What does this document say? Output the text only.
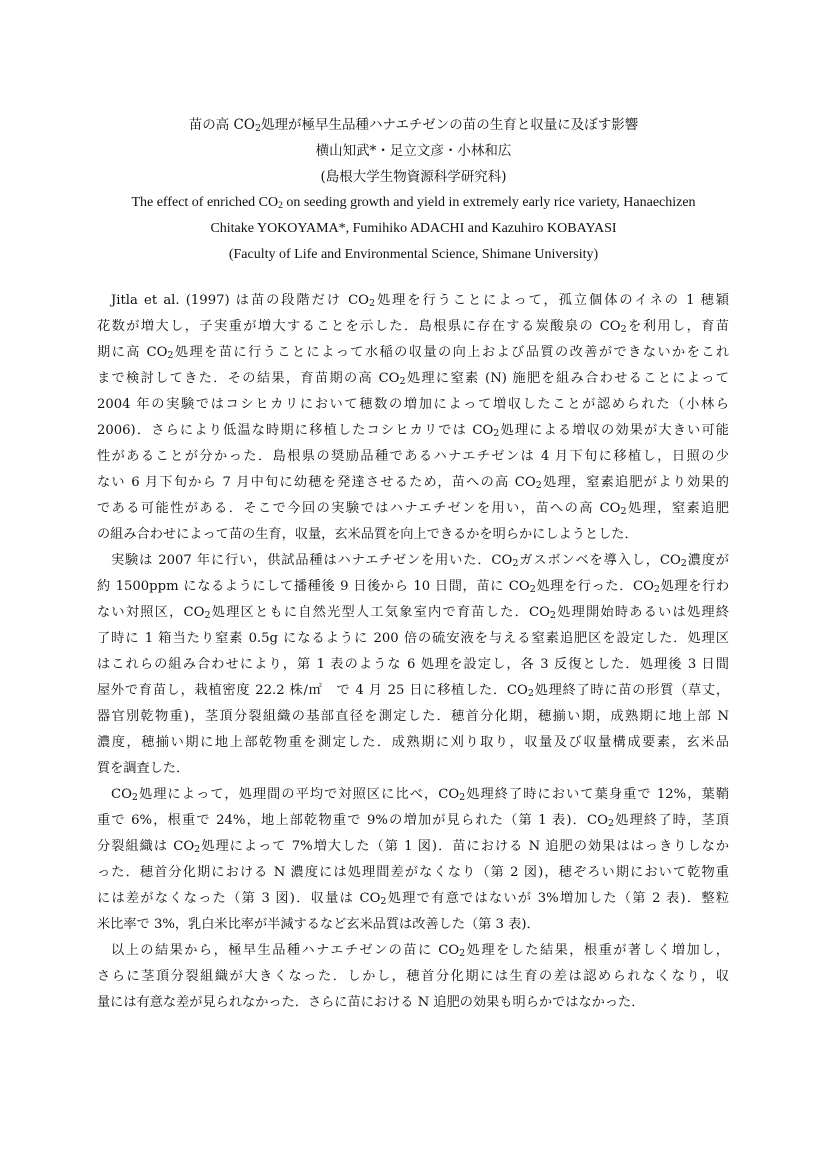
苗の高 $CO_2$処理が極早生品種ハナエチゼンの苗の生育と収量に及ぼす影響
横山知武*・足立文彦・小林和広
(島根大学生物資源科学研究科)
The effect of enriched $CO_2$ on seeding growth and yield in extremely early rice variety, Hanaechizen
Chitake YOKOYAMA*, Fumihiko ADACHI and Kazuhiro KOBAYASI
(Faculty of Life and Environmental Science, Shimane University)
Jitla et al. (1997) は苗の段階だけ $CO_2$処理を行うことによって，孤立個体のイネの 1 穂穎
花数が増大し，子実重が増大することを示した．島根県に存在する炭酸泉の $CO_2$を利用し，育苗
期に高 $CO_2$処理を苗に行うことによって水稲の収量の向上および品質の改善ができないかをこれ
まで検討してきた．その結果，育苗期の高 $CO_2$処理に窒素 (N) 施肥を組み合わせることによって
2004 年の実験ではコシヒカリにおいて穂数の増加によって増収したことが認められた（小林ら
2006)．さらにより低温な時期に移植したコシヒカリでは $CO_2$処理による増収の効果が大きい可能
性があることが分かった．島根県の奨励品種であるハナエチゼンは 4 月下旬に移植し，日照の少
ない 6 月下旬から 7 月中旬に幼穂を発達させるため，苗への高 $CO_2$処理，窒素追肥がより効果的
である可能性がある．そこで今回の実験ではハナエチゼンを用い，苗への高 $CO_2$処理，窒素追肥
の組み合わせによって苗の生育，収量，玄米品質を向上できるかを明らかにしようとした．
実験は 2007 年に行い，供試品種はハナエチゼンを用いた．$CO_2$ガスボンベを導入し，$CO_2$濃度が
約 1500ppm になるようにして播種後 9 日後から 10 日間，苗に $CO_2$処理を行った．$CO_2$処理を行わ
ない対照区，$CO_2$処理区ともに自然光型人工気象室内で育苗した．$CO_2$処理開始時あるいは処理終
了時に 1 箱当たり窒素 0.5g になるように 200 倍の硫安液を与える窒素追肥区を設定した．処理区
はこれらの組み合わせにより，第 1 表のような 6 処理を設定し，各 3 反復とした．処理後 3 日間
屋外で育苗し，栽植密度 22.2 株/㎡　で 4 月 25 日に移植した．$CO_2$処理終了時に苗の形質（草丈，
器官別乾物重)，茎頂分裂組織の基部直径を測定した．穂首分化期，穂揃い期，成熟期に地上部 N
濃度，穂揃い期に地上部乾物重を測定した．成熟期に刈り取り，収量及び収量構成要素，玄米品
質を調査した．
$CO_2$処理によって，処理間の平均で対照区に比べ，$CO_2$処理終了時において葉身重で 12%，葉鞘
重で 6%，根重で 24%，地上部乾物重で 9%の増加が見られた（第 1 表)．$CO_2$処理終了時，茎頂
分裂組織は $CO_2$処理によって 7%増大した（第 1 図)．苗における N 追肥の効果ははっきりしなか
った．穂首分化期における N 濃度には処理間差がなくなり（第 2 図)，穂ぞろい期において乾物重
には差がなくなった（第 3 図)．収量は $CO_2$処理で有意ではないが 3%増加した（第 2 表)．整粒
米比率で 3%，乳白米比率が半減するなど玄米品質は改善した（第 3 表)．
以上の結果から，極早生品種ハナエチゼンの苗に $CO_2$処理をした結果，根重が著しく増加し，
さらに茎頂分裂組織が大きくなった．しかし，穂首分化期には生育の差は認められなくなり，収
量には有意な差が見られなかった．さらに苗における N 追肥の効果も明らかではなかった．
